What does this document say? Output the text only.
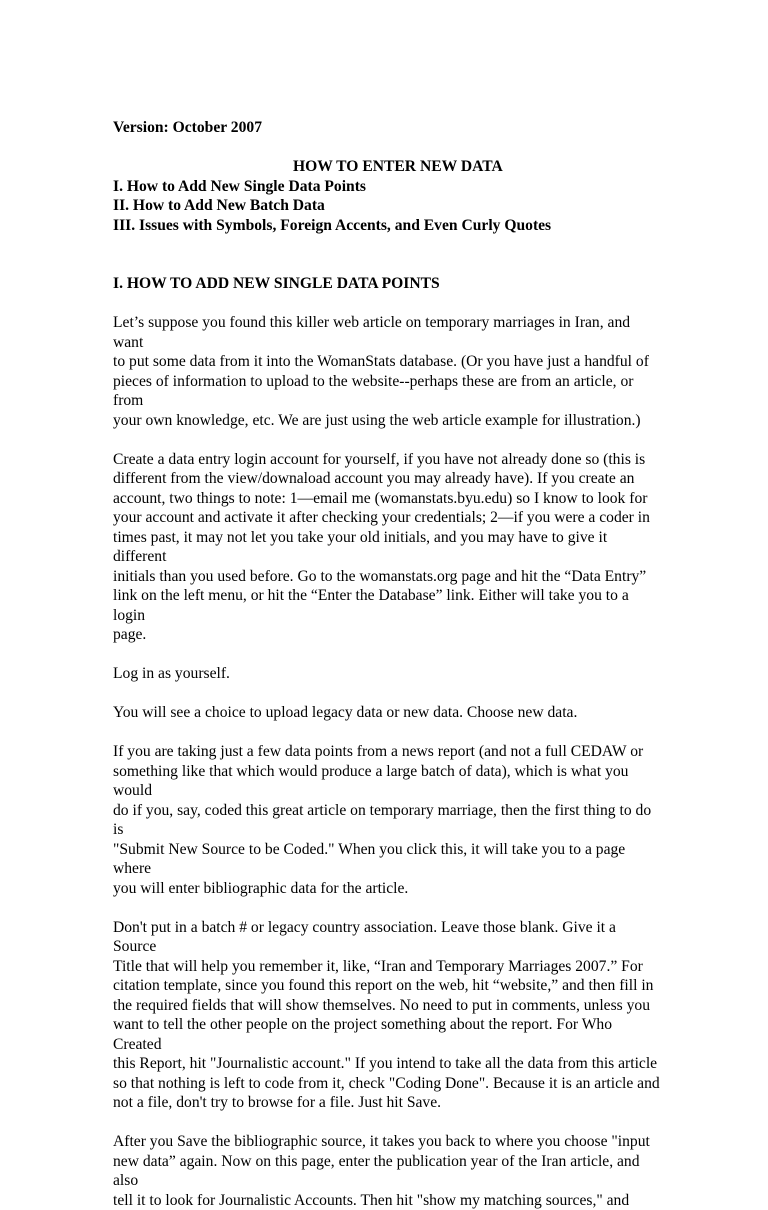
Version: October 2007

HOW TO ENTER NEW DATA

I. How to Add New Single Data Points

II. How to Add New Batch Data

III. Issues with Symbols, Foreign Accents, and Even Curly Quotes

I. HOW TO ADD NEW SINGLE DATA POINTS

Let’s suppose you found this killer web article on temporary marriages in Iran, and want
to put some data from it into the WomanStats database. (Or you have just a handful of
pieces of information to upload to the website--perhaps these are from an article, or from
your own knowledge, etc. We are just using the web article example for illustration.)

Create a data entry login account for yourself, if you have not already done so (this is
different from the view/downaload account you may already have). If you create an
account, two things to note: 1—email me (womanstats.byu.edu) so I know to look for
your account and activate it after checking your credentials; 2—if you were a coder in
times past, it may not let you take your old initials, and you may have to give it different
initials than you used before. Go to the womanstats.org page and hit the “Data Entry”
link on the left menu, or hit the “Enter the Database” link. Either will take you to a login
page.

Log in as yourself.

You will see a choice to upload legacy data or new data. Choose new data.

If you are taking just a few data points from a news report (and not a full CEDAW or
something like that which would produce a large batch of data), which is what you would
do if you, say, coded this great article on temporary marriage, then the first thing to do is
"Submit New Source to be Coded." When you click this, it will take you to a page where
you will enter bibliographic data for the article.

Don't put in a batch # or legacy country association. Leave those blank. Give it a Source
Title that will help you remember it, like, “Iran and Temporary Marriages 2007.” For
citation template, since you found this report on the web, hit “website,” and then fill in
the required fields that will show themselves. No need to put in comments, unless you
want to tell the other people on the project something about the report. For Who Created
this Report, hit "Journalistic account." If you intend to take all the data from this article
so that nothing is left to code from it, check "Coding Done". Because it is an article and
not a file, don't try to browse for a file. Just hit Save.

After you Save the bibliographic source, it takes you back to where you choose "input
new data” again. Now on this page, enter the publication year of the Iran article, and also
tell it to look for Journalistic Accounts. Then hit "show my matching sources," and
